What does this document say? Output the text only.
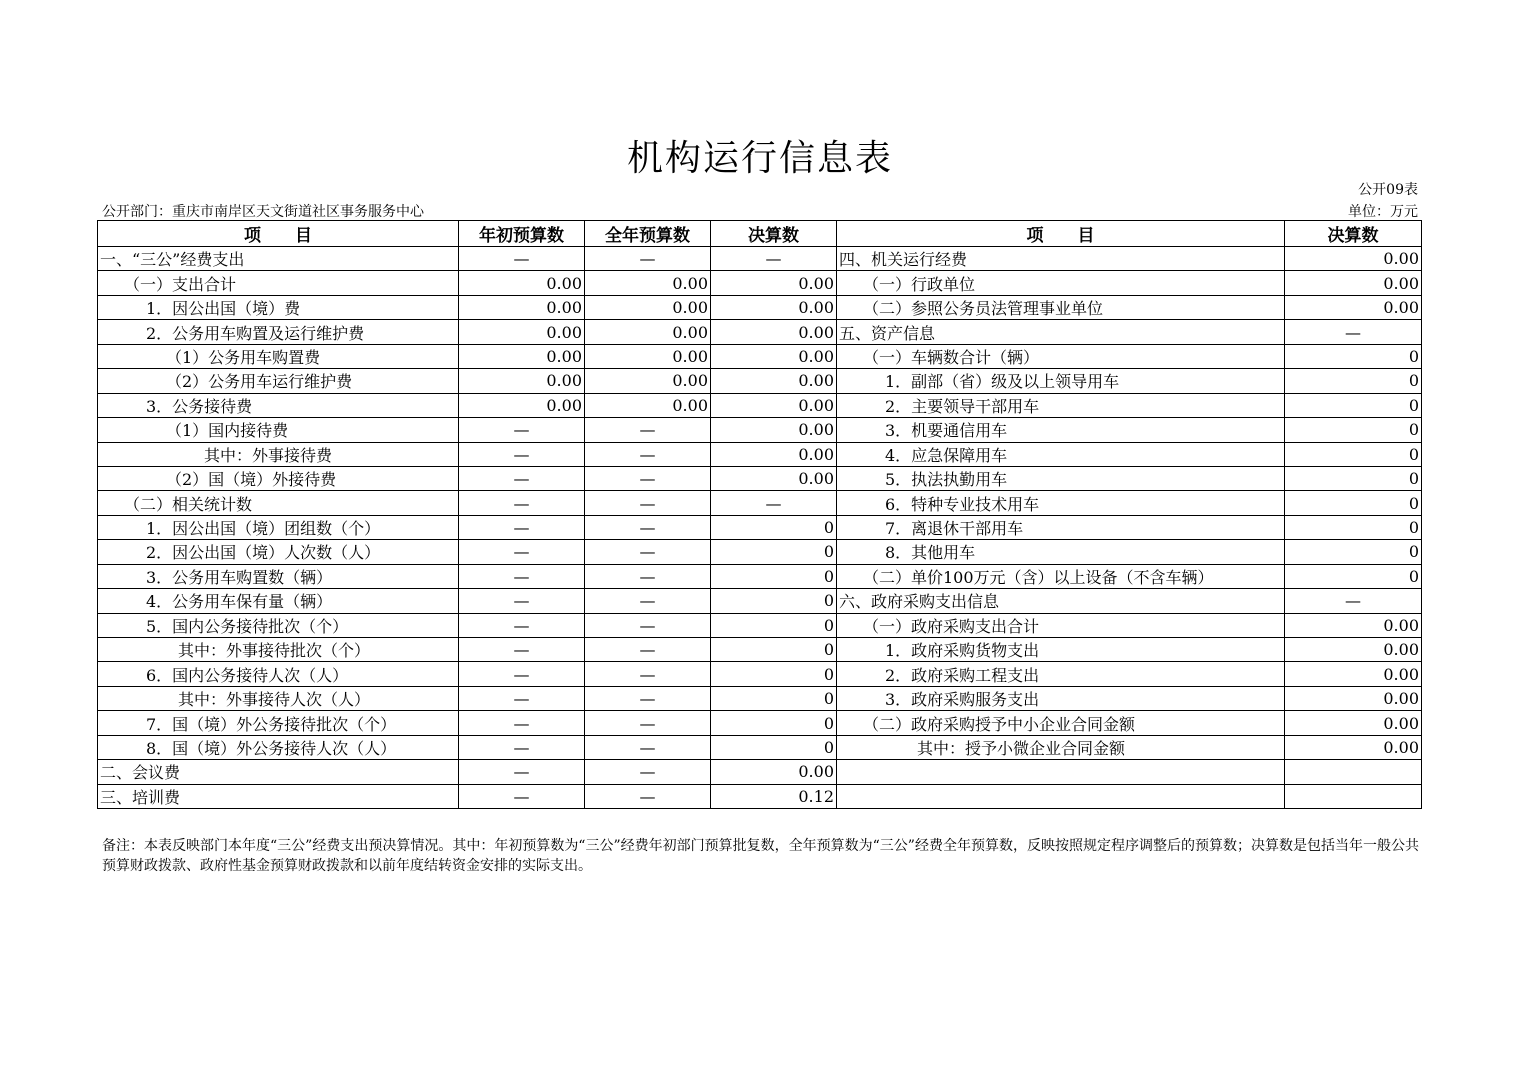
机构运行信息表
公开09表
公开部门：重庆市南岸区天文街道社区事务服务中心	单位：万元
项　　目	年初预算数	全年预算数	决算数	项　　目	决算数
一、“三公”经费支出	—	—	—	四、机关运行经费	0.00
（一）支出合计	0.00	0.00	0.00	（一）行政单位	0.00
1．因公出国（境）费	0.00	0.00	0.00	（二）参照公务员法管理事业单位	0.00
2．公务用车购置及运行维护费	0.00	0.00	0.00	五、资产信息	—
（1）公务用车购置费	0.00	0.00	0.00	（一）车辆数合计（辆）	0
（2）公务用车运行维护费	0.00	0.00	0.00	1．副部（省）级及以上领导用车	0
3．公务接待费	0.00	0.00	0.00	2．主要领导干部用车	0
（1）国内接待费	—	—	0.00	3．机要通信用车	0
其中：外事接待费	—	—	0.00	4．应急保障用车	0
（2）国（境）外接待费	—	—	0.00	5．执法执勤用车	0
（二）相关统计数	—	—	—	6．特种专业技术用车	0
1．因公出国（境）团组数（个）	—	—	0	7．离退休干部用车	0
2．因公出国（境）人次数（人）	—	—	0	8．其他用车	0
3．公务用车购置数（辆）	—	—	0	（二）单价100万元（含）以上设备（不含车辆）	0
4．公务用车保有量（辆）	—	—	0	六、政府采购支出信息	—
5．国内公务接待批次（个）	—	—	0	（一）政府采购支出合计	0.00
其中：外事接待批次（个）	—	—	0	1．政府采购货物支出	0.00
6．国内公务接待人次（人）	—	—	0	2．政府采购工程支出	0.00
其中：外事接待人次（人）	—	—	0	3．政府采购服务支出	0.00
7．国（境）外公务接待批次（个）	—	—	0	（二）政府采购授予中小企业合同金额	0.00
8．国（境）外公务接待人次（人）	—	—	0	其中：授予小微企业合同金额	0.00
二、会议费	—	—	0.00		
三、培训费	—	—	0.12		
备注：本表反映部门本年度“三公”经费支出预决算情况。其中：年初预算数为“三公”经费年初部门预算批复数，全年预算数为“三公”经费全年预算数，反映按照规定程序调整后的预算数；决算数是包括当年一般公共预算财政拨款、政府性基金预算财政拨款和以前年度结转资金安排的实际支出。
